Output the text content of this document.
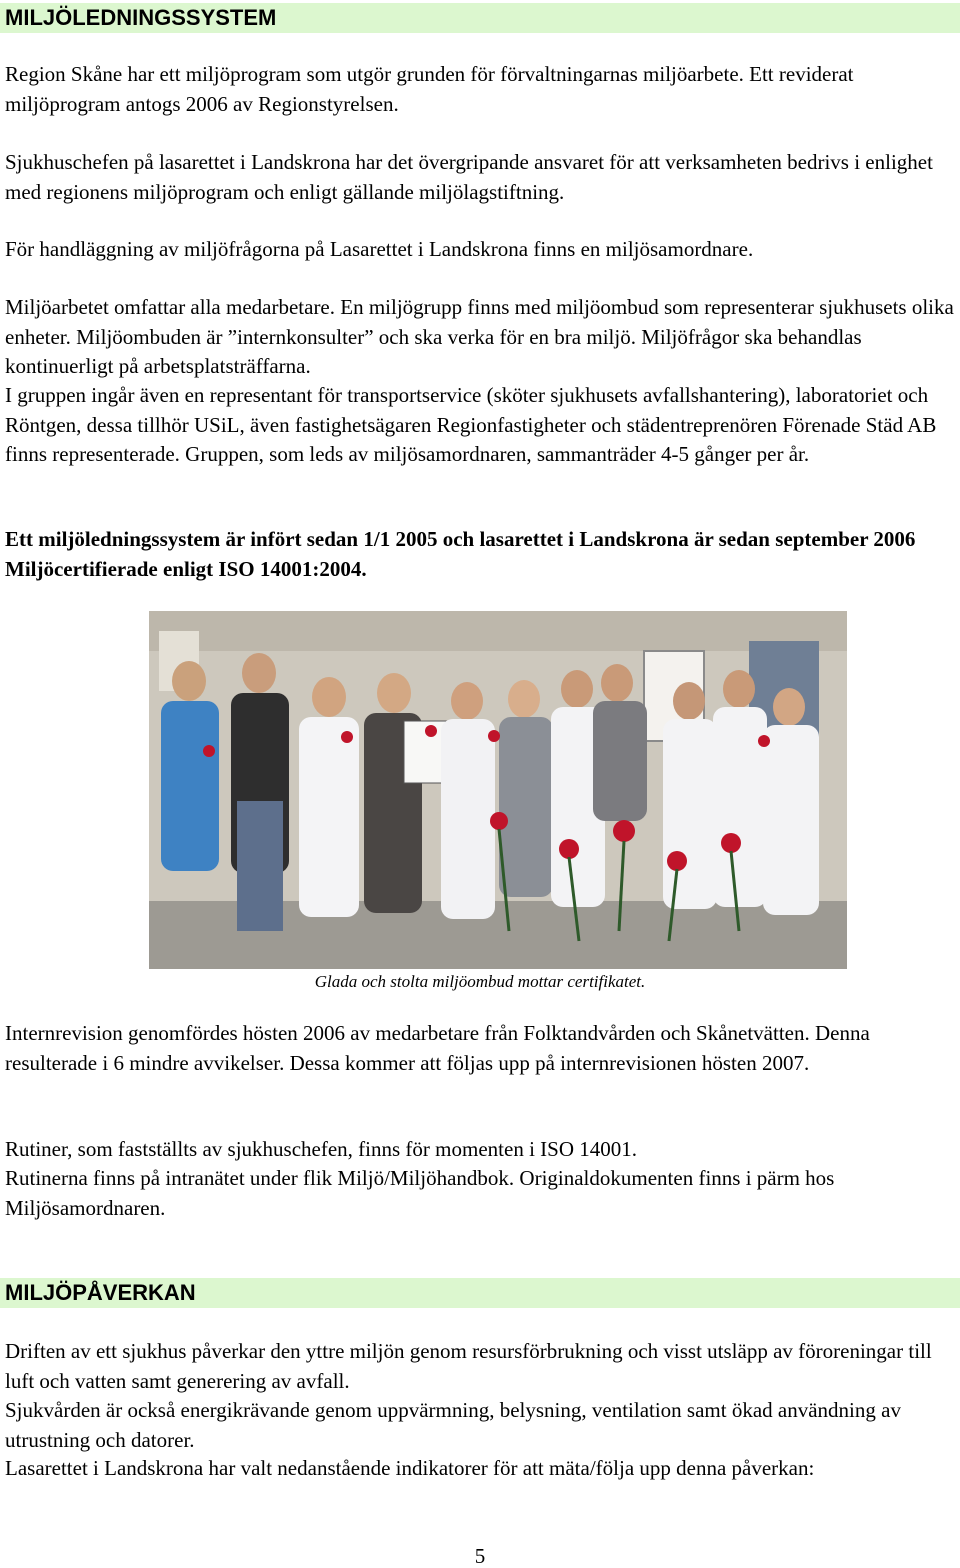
MILJÖLEDNINGSSYSTEM

Region Skåne har ett miljöprogram som utgör grunden för förvaltningarnas miljöarbete. Ett reviderat miljöprogram antogs 2006 av Regionstyrelsen.

Sjukhuschefen på lasarettet i Landskrona har det övergripande ansvaret för att verksamheten bedrivs i enlighet med regionens miljöprogram och enligt gällande miljölagstiftning.

För handläggning av miljöfrågorna på Lasarettet i Landskrona finns en miljösamordnare.

Miljöarbetet omfattar alla medarbetare. En miljögrupp finns med miljöombud som representerar sjukhusets olika enheter. Miljöombuden är ”internkonsulter” och ska verka för en bra miljö. Miljöfrågor ska behandlas kontinuerligt på arbetsplatsträffarna.

I gruppen ingår även en representant för transportservice (sköter sjukhusets avfallshantering), laboratoriet och Röntgen, dessa tillhör USiL, även fastighetsägaren Regionfastigheter och städentreprenören Förenade Städ AB finns representerade. Gruppen, som leds av miljösamordnaren, sammanträder 4-5 gånger per år.

Ett miljöledningssystem är infört sedan 1/1 2005 och lasarettet i Landskrona är sedan september 2006 Miljöcertifierade enligt ISO 14001:2004.

Glada och stolta miljöombud mottar certifikatet.

Internrevision genomfördes hösten 2006 av medarbetare från Folktandvården och Skånetvätten. Denna resulterade i 6 mindre avvikelser. Dessa kommer att följas upp på internrevisionen hösten 2007.

Rutiner, som fastställts av sjukhuschefen, finns för momenten i ISO 14001.

Rutinerna finns på intranätet under flik Miljö/Miljöhandbok. Originaldokumenten finns i pärm hos Miljösamordnaren.

MILJÖPÅVERKAN

Driften av ett sjukhus påverkar den yttre miljön genom resursförbrukning och visst utsläpp av föroreningar till luft och vatten samt generering av avfall.

Sjukvården är också energikrävande genom uppvärmning, belysning, ventilation samt ökad användning av utrustning och datorer.

Lasarettet i Landskrona har valt nedanstående indikatorer för att mäta/följa upp denna påverkan:

5
